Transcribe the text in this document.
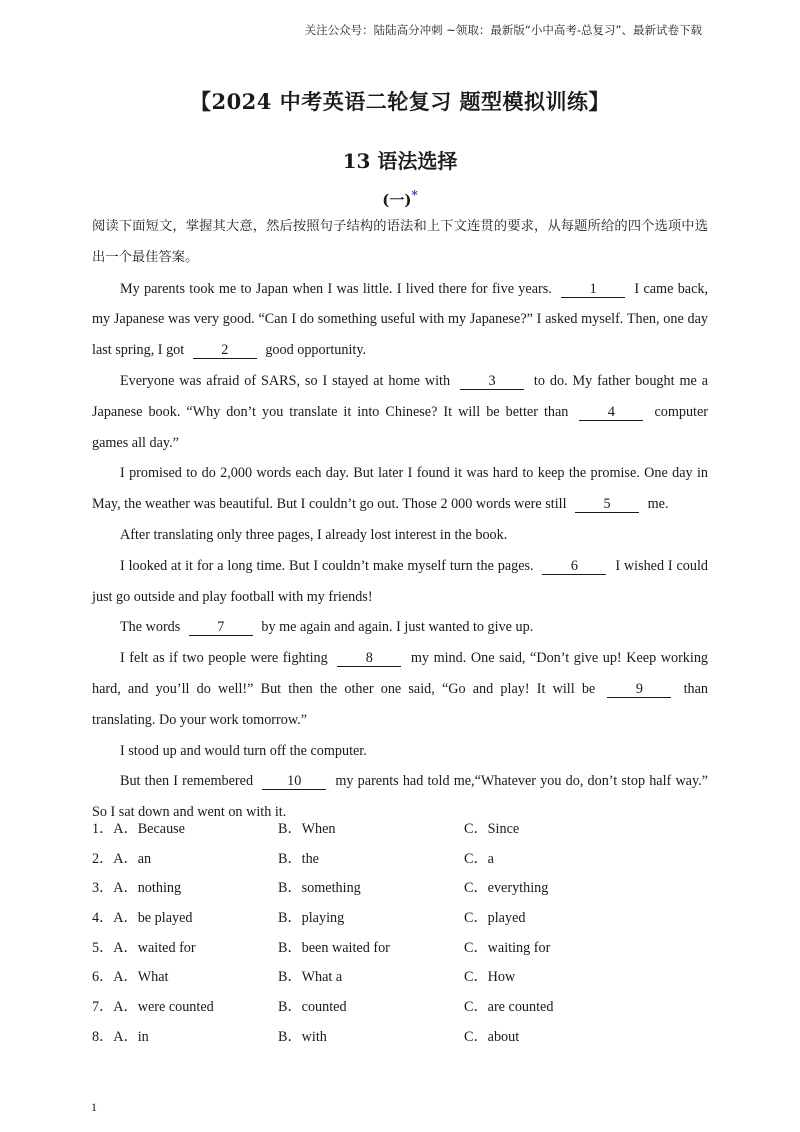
关注公众号：陆陆高分冲刺 ~领取：最新版“小中高考-总复习”、最新试卷下载
【2024 中考英语二轮复习 题型模拟训练】
13 语法选择
(一)*
阅读下面短文，掌握其大意，然后按照句子结构的语法和上下文连贯的要求，从每题所给的四个选项中选出一个最佳答案。
My parents took me to Japan when I was little. I lived there for five years.	1	I came back, my Japanese was very good. “Can I do something useful with my Japanese?” I asked myself. Then, one day last spring, I got	2	good opportunity.
Everyone was afraid of SARS, so I stayed at home with	3	to do. My father bought me a Japanese book. “Why don’t you translate it into Chinese? It will be better than	4	computer games all day.”
I promised to do 2,000 words each day. But later I found it was hard to keep the promise. One day in May, the weather was beautiful. But I couldn’t go out. Those 2 000 words were still	5	me.
After translating only three pages, I already lost interest in the book.
I looked at it for a long time. But I couldn’t make myself turn the pages.	6	I wished I could just go outside and play football with my friends!
The words	7	by me again and again. I just wanted to give up.
I felt as if two people were fighting	8	my mind. One said, “Don’t give up! Keep working hard, and you’ll do well!” But then the other one said, “Go and play! It will be	9	than translating. Do your work tomorrow.”
I stood up and would turn off the computer.
But then I remembered 10 my parents had told me,“Whatever you do, don’t stop half way.” So I sat down and went on with it.
1．A．Because	B．When	C．Since
2．A．an	B．the	C．a
3．A．nothing	B．something	C．everything
4．A．be played	B．playing	C．played
5．A．waited for	B．been waited for	C．waiting for
6．A．What	B．What a	C．How
7．A．were counted	B．counted	C．are counted
8．A．in	B．with	C．about
1
